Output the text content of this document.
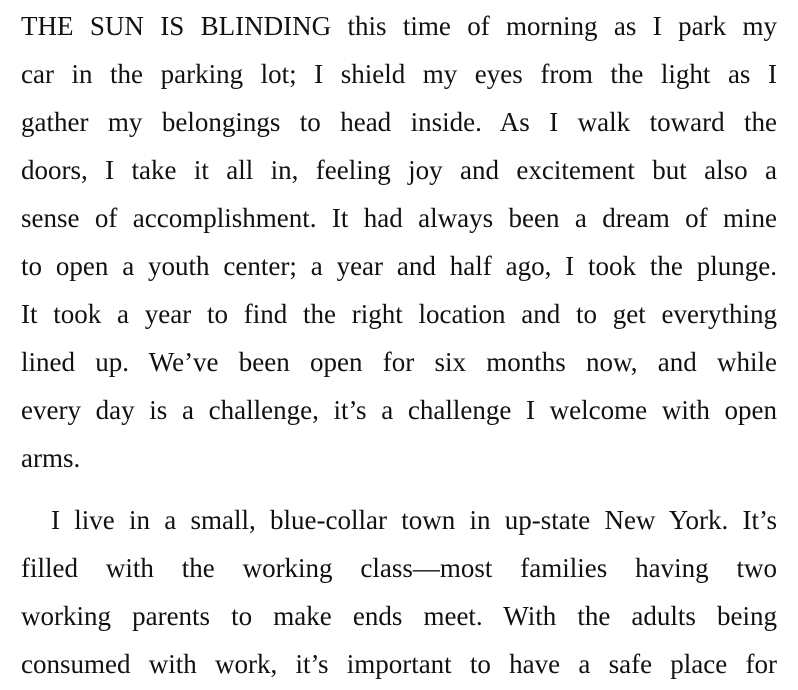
THE SUN IS BLINDING this time of morning as I park my
car in the parking lot; I shield my eyes from the light as I
gather my belongings to head inside. As I walk toward the
doors, I take it all in, feeling joy and excitement but also a
sense of accomplishment. It had always been a dream of mine
to open a youth center; a year and half ago, I took the plunge.
It took a year to find the right location and to get everything
lined up. We’ve been open for six months now, and while
every day is a challenge, it’s a challenge I welcome with open
arms.
I live in a small, blue-collar town in up-state New York. It’s
filled with the working class—most families having two
working parents to make ends meet. With the adults being
consumed with work, it’s important to have a safe place for
